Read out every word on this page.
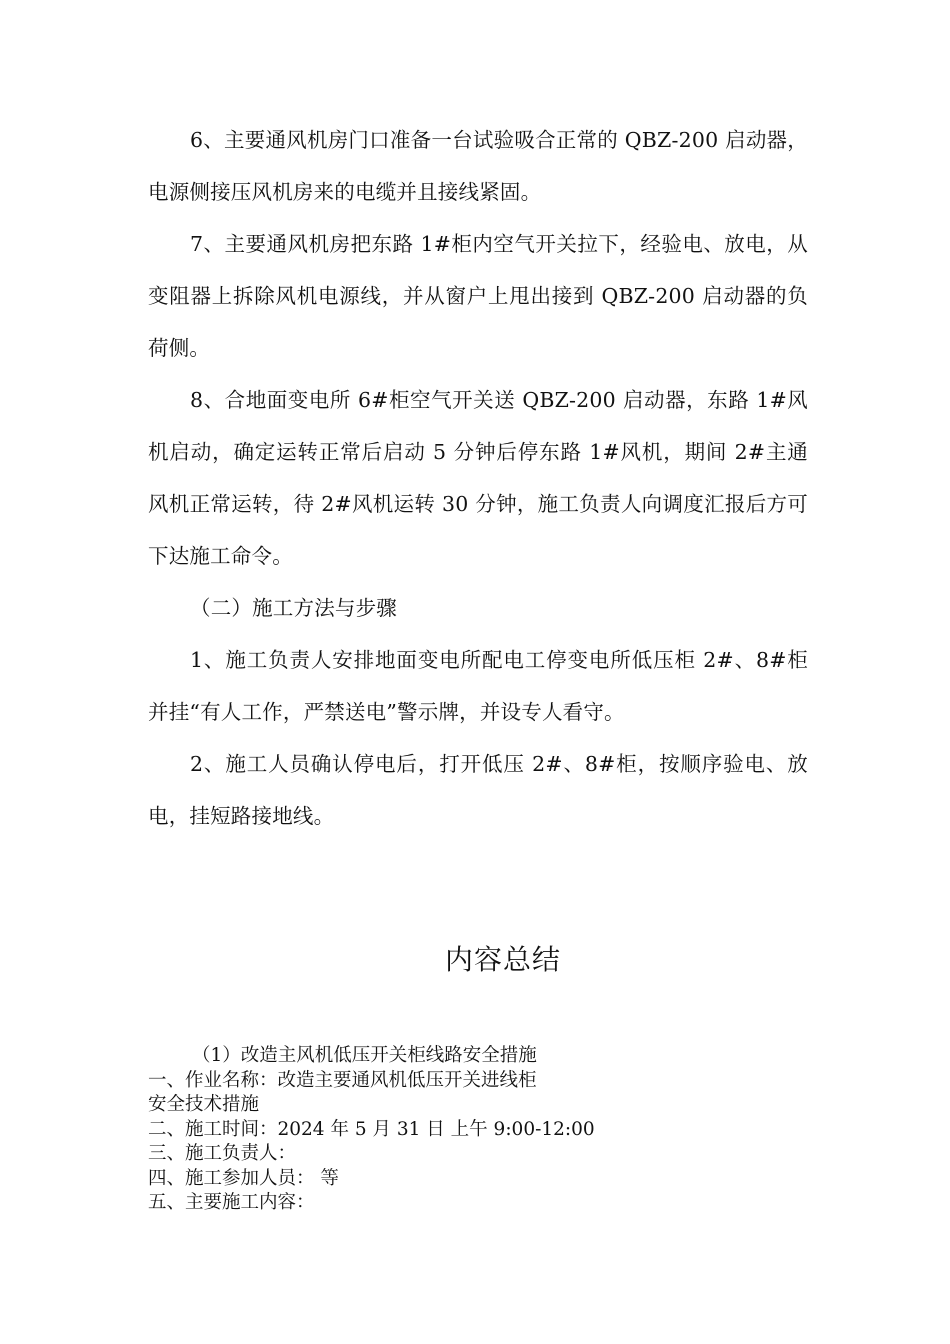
6、主要通风机房门口准备一台试验吸合正常的 QBZ-200 启动器，电源侧接压风机房来的电缆并且接线紧固。

7、主要通风机房把东路 1#柜内空气开关拉下，经验电、放电，从变阻器上拆除风机电源线，并从窗户上甩出接到 QBZ-200 启动器的负荷侧。

8、合地面变电所 6#柜空气开关送 QBZ-200 启动器，东路 1#风机启动，确定运转正常后启动 5 分钟后停东路 1#风机，期间 2#主通风机正常运转，待 2#风机运转 30 分钟，施工负责人向调度汇报后方可下达施工命令。

（二）施工方法与步骤

1、施工负责人安排地面变电所配电工停变电所低压柜 2#、8#柜并挂“有人工作，严禁送电”警示牌，并设专人看守。

2、施工人员确认停电后，打开低压 2#、8#柜，按顺序验电、放电，挂短路接地线。

内容总结

（1）改造主风机低压开关柜线路安全措施

一、作业名称：改造主要通风机低压开关进线柜

安全技术措施

二、施工时间：2024 年 5 月 31 日 上午 9:00-12:00

三、施工负责人：

四、施工参加人员： 等

五、主要施工内容：
